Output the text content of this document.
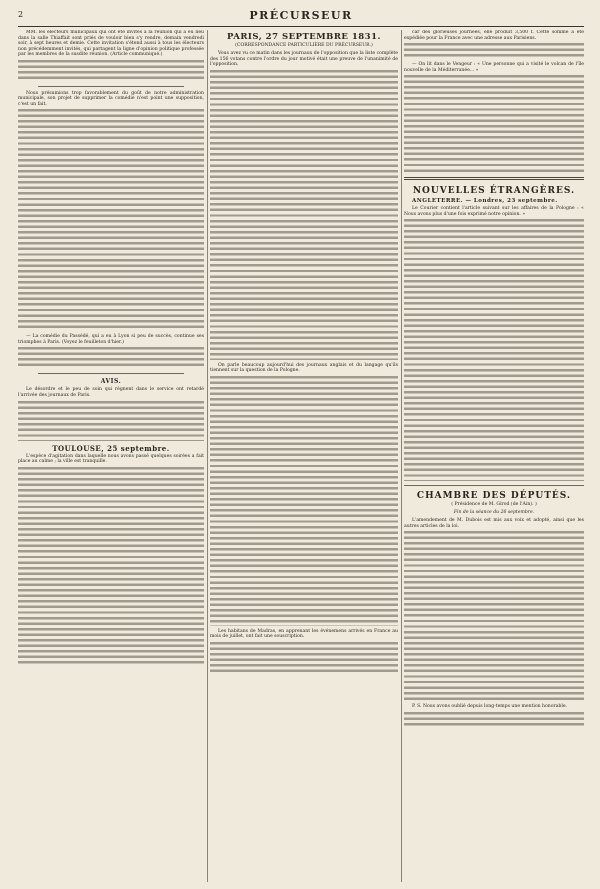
2	PRÉCURSEUR

MM. les électeurs municipaux qui ont été invités à la réunion qui a eu lieu dans la salle Thiaffait sont priés de vouloir bien s'y rendre, demain vendredi soir, à sept heures et demie. Cette invitation s'étend aussi à tous les électeurs non précédemment invités, qui partagent la ligne d'opinion politique professée par les membres de la susdite réunion. (Article communiqué.)

Nous présumions trop favorablement du goût de notre administration municipale, son projet de supprimer la comédie n'est point une supposition, c'est un fait.

— La comédie du Passédé, qui a eu à Lyon si peu de succès, continue ses triomphes à Paris. (Voyez le feuilleton d'hier.)

AVIS.

Le désordre et le peu de soin qui règnent dans le service ont retardé l'arrivée des journaux de Paris.

TOULOUSE, 25 septembre.

L'espèce d'agitation dans laquelle nous avons passé quelques soirées a fait place au calme ; la ville est tranquille.

PARIS, 27 SEPTEMBRE 1831.
(CORRESPONDANCE PARTICULIÈRE DU PRÉCURSEUR.)

Vous avez vu ce matin dans les journaux de l'opposition que la liste complète des 156 votans contre l'ordre du jour motivé était une preuve de l'unanimité de l'opposition.

On parle beaucoup aujourd'hui des journaux anglais et du langage qu'ils tiennent sur la question de la Pologne.

Les habitans de Madras, en apprenant les événemens arrivés en France au mois de juillet, ont fait une souscription.

car des glorieuses journées, elle produit 3,500 f. Cette somme a été expédiée pour la France avec une adresse aux Parisiens.

— On lit dans le Vengeur : « Une personne qui a visité le volcan de l'île nouvelle de la Méditerranée... »

NOUVELLES ÉTRANGÈRES.
ANGLETERRE. — Londres, 23 septembre.

Le Courier contient l'article suivant sur les affaires de la Pologne : « Nous avons plus d'une fois exprimé notre opinion. »

CHAMBRE DES DÉPUTÉS.
( Présidence de M. Girod (de l'Ain). )
Fin de la séance du 26 septembre.

L'amendement de M. Dubois est mis aux voix et adopté, ainsi que les autres articles de la loi.

P. S. Nous avons oublié depuis long-temps une mention honorable.
